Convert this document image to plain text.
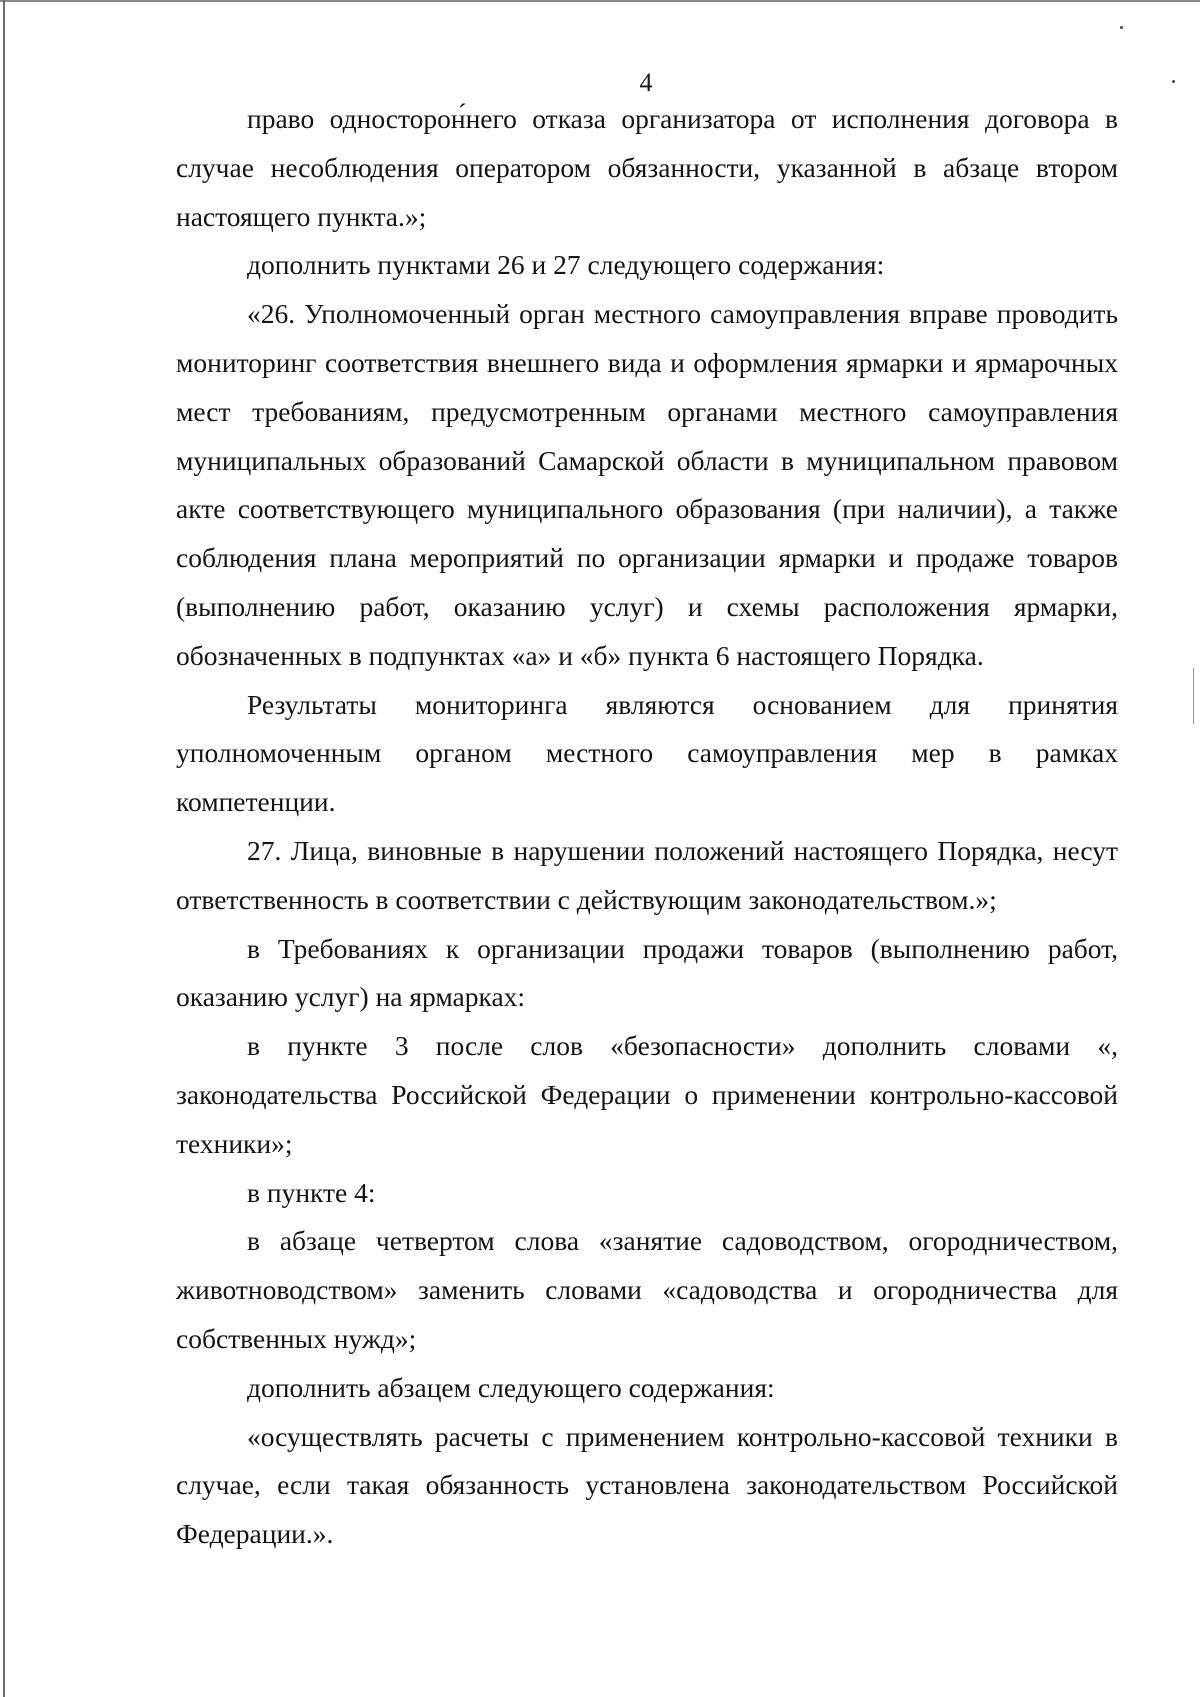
4

право односторон́него отказа организатора от исполнения договора в случае несоблюдения оператором обязанности, указанной в абзаце втором настоящего пункта.»;

дополнить пунктами 26 и 27 следующего содержания:

«26. Уполномоченный орган местного самоуправления вправе проводить мониторинг соответствия внешнего вида и оформления ярмарки и ярмарочных мест требованиям, предусмотренным органами местного самоуправления муниципальных образований Самарской области в муниципальном правовом акте соответствующего муниципального образования (при наличии), а также соблюдения плана мероприятий по организации ярмарки и продаже товаров (выполнению работ, оказанию услуг) и схемы расположения ярмарки, обозначенных в подпунктах «а» и «б» пункта 6 настоящего Порядка.

Результаты мониторинга являются основанием для принятия уполномоченным органом местного самоуправления мер в рамках компетенции.

27. Лица, виновные в нарушении положений настоящего Порядка, несут ответственность в соответствии с действующим законодательством.»;

в Требованиях к организации продажи товаров (выполнению работ, оказанию услуг) на ярмарках:

в пункте 3 после слов «безопасности» дополнить словами «, законодательства Российской Федерации о применении контрольно-кассовой техники»;

в пункте 4:

в абзаце четвертом слова «занятие садоводством, огородничеством, животноводством» заменить словами «садоводства и огородничества для собственных нужд»;

дополнить абзацем следующего содержания:

«осуществлять расчеты с применением контрольно-кассовой техники в случае, если такая обязанность установлена законодательством Российской Федерации.».
